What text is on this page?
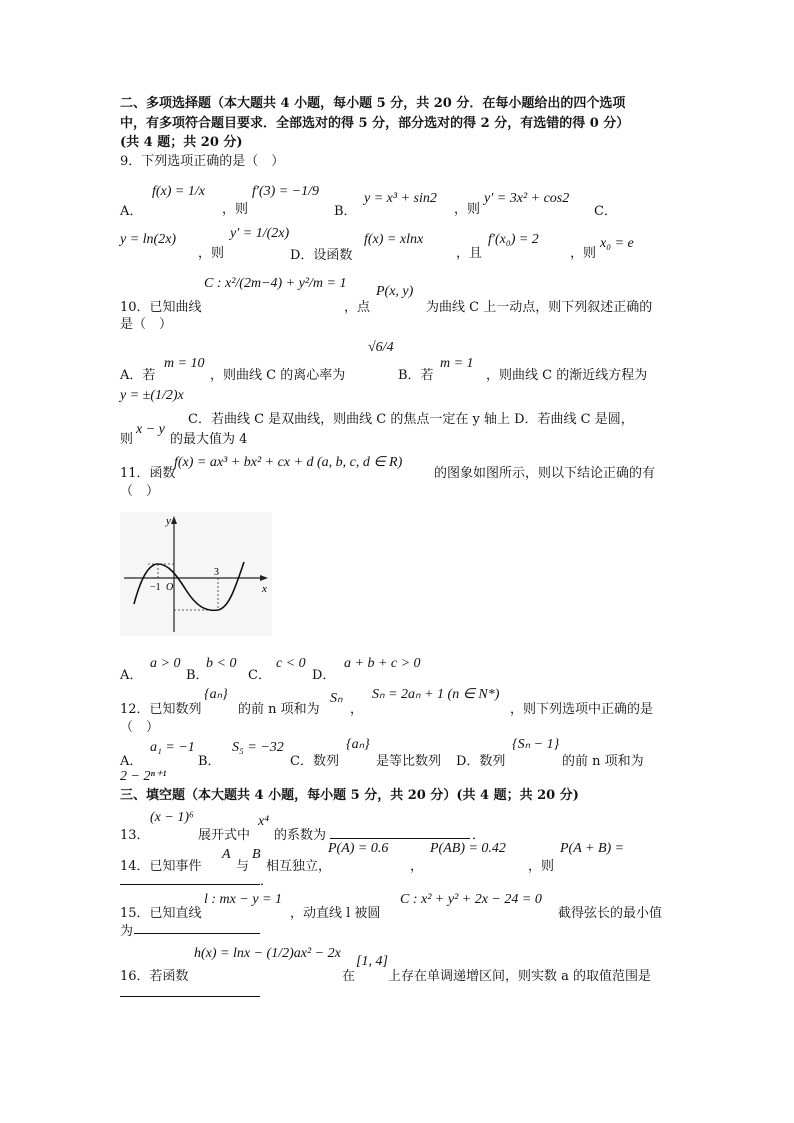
二、多项选择题（本大题共 4 小题，每小题 5 分，共 20 分．在每小题给出的四个选项
中，有多项符合题目要求．全部选对的得 5 分，部分选对的得 2 分，有选错的得 0 分）
(共 4 题；共 20 分)
9．下列选项正确的是（　）
A．
f(x) = 1/x
，则
f′(3) = −1/9
B．
y = x³ + sin2
，则
y′ = 3x² + cos2
C．
y = ln(2x)
，则
y′ = 1/(2x)
D．设函数
f(x) = xlnx
，且
f′(x₀) = 2
，则
x₀ = e
10．已知曲线
C : x²/(2m−4) + y²/m = 1
，点
P(x, y)
为曲线 C 上一动点，则下列叙述正确的
是（　）
A．若
m = 10
，则曲线 C 的离心率为
√6/4
B．若
m = 1
，则曲线 C 的渐近线方程为
y = ±(1/2)x
C．若曲线 C 是双曲线，则曲线 C 的焦点一定在 y 轴上 D．若曲线 C 是圆，
则
x − y
的最大值为 4
11．函数
f(x) = ax³ + bx² + cx + d (a, b, c, d ∈ R)
的图象如图所示，则以下结论正确的有
（　）
y
x
O
−1
3
A．
a > 0
B．
b < 0
C．
c < 0
D．
a + b + c > 0
12．已知数列
{aₙ}
的前 n 项和为
Sₙ
，
Sₙ = 2aₙ + 1 (n ∈ N*)
，则下列选项中正确的是
（　）
A．
a₁ = −1
B．
S₅ = −32
C．数列
{aₙ}
是等比数列 D．数列
{Sₙ − 1}
的前 n 项和为
2 − 2ⁿ⁺¹
三、填空题（本大题共 4 小题，每小题 5 分，共 20 分）(共 4 题；共 20 分)
13．
(x − 1)⁶
展开式中
x⁴
的系数为	．
14．已知事件
A
与
B
相互独立，
P(A) = 0.6
，
P(AB) = 0.42
，则
P(A + B) =
．
15．已知直线
l : mx − y = 1
，动直线 l 被圆
C : x² + y² + 2x − 24 = 0
截得弦长的最小值
为
h(x) = lnx − (1/2)ax² − 2x
16．若函数	在
[1, 4]
上存在单调递增区间，则实数 a 的取值范围是
